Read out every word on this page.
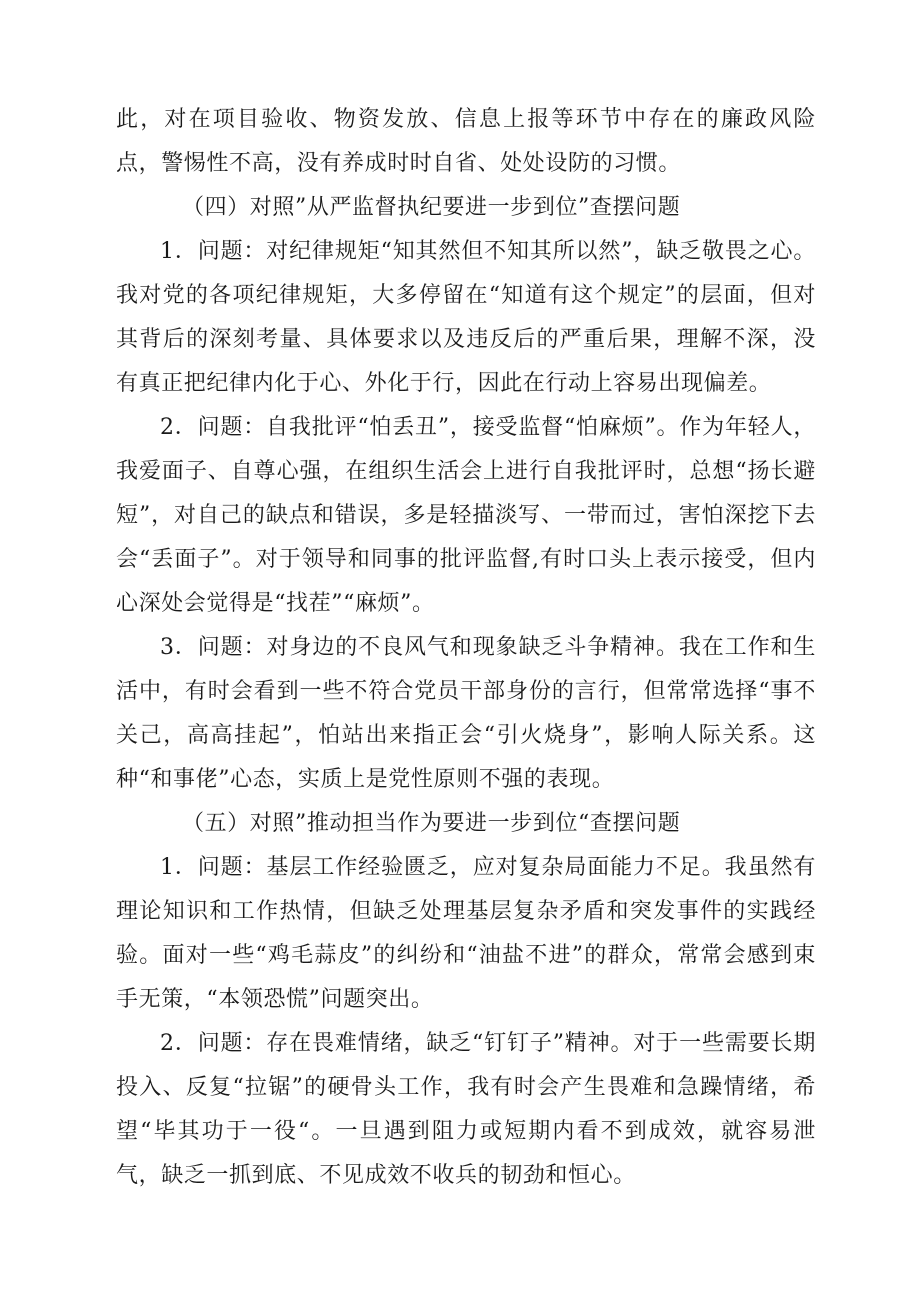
此，对在项目验收、物资发放、信息上报等环节中存在的廉政风险点，警惕性不高，没有养成时时自省、处处设防的习惯。

（四）对照”从严监督执纪要进一步到位”查摆问题

1．问题：对纪律规矩“知其然但不知其所以然”，缺乏敬畏之心。我对党的各项纪律规矩，大多停留在“知道有这个规定”的层面，但对其背后的深刻考量、具体要求以及违反后的严重后果，理解不深，没有真正把纪律内化于心、外化于行，因此在行动上容易出现偏差。

2．问题：自我批评“怕丢丑”，接受监督“怕麻烦”。作为年轻人，我爱面子、自尊心强，在组织生活会上进行自我批评时，总想“扬长避短”，对自己的缺点和错误，多是轻描淡写、一带而过，害怕深挖下去会“丢面子”。对于领导和同事的批评监督,有时口头上表示接受，但内心深处会觉得是“找茬”“麻烦”。

3．问题：对身边的不良风气和现象缺乏斗争精神。我在工作和生活中，有时会看到一些不符合党员干部身份的言行，但常常选择“事不关己，高高挂起”，怕站出来指正会“引火烧身”，影响人际关系。这种“和事佬”心态，实质上是党性原则不强的表现。

（五）对照”推动担当作为要进一步到位“查摆问题

1．问题：基层工作经验匮乏，应对复杂局面能力不足。我虽然有理论知识和工作热情，但缺乏处理基层复杂矛盾和突发事件的实践经验。面对一些“鸡毛蒜皮”的纠纷和“油盐不进”的群众，常常会感到束手无策，“本领恐慌”问题突出。

2．问题：存在畏难情绪，缺乏“钉钉子”精神。对于一些需要长期投入、反复“拉锯”的硬骨头工作，我有时会产生畏难和急躁情绪，希望“毕其功于一役“。一旦遇到阻力或短期内看不到成效，就容易泄气，缺乏一抓到底、不见成效不收兵的韧劲和恒心。
